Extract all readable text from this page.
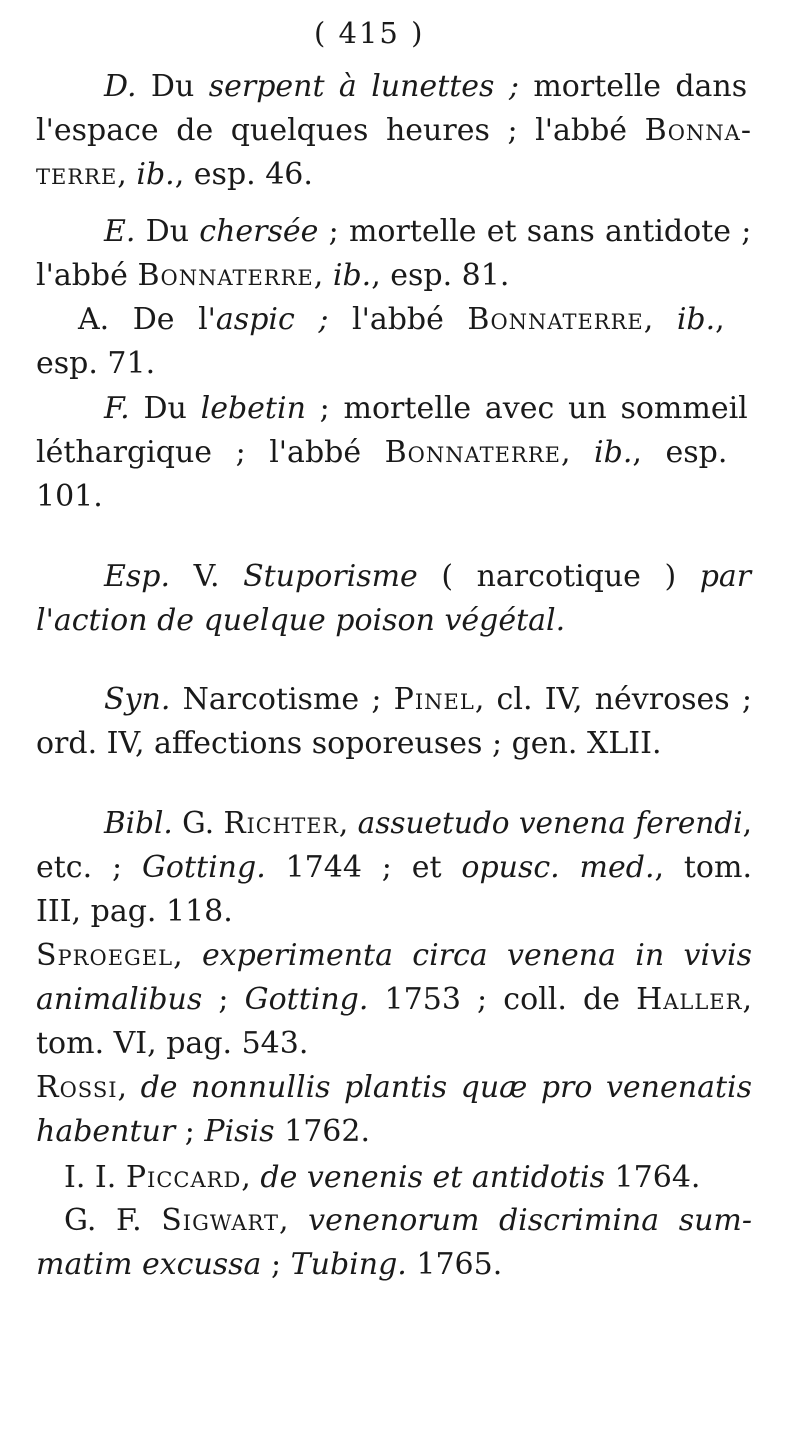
( 415 )
D. Du serpent à lunettes ; mortelle dans
l'espace de quelques heures ; l'abbé Bonna-
terre, ib., esp. 46.
E. Du chersée ; mortelle et sans antidote ;
l'abbé Bonnaterre, ib., esp. 81.
A. De l'aspic ; l'abbé Bonnaterre, ib.,
esp. 71.
F. Du lebetin ; mortelle avec un sommeil
léthargique ; l'abbé Bonnaterre, ib., esp.
101.
Esp. V. Stuporisme ( narcotique ) par
l'action de quelque poison végétal.
Syn. Narcotisme ; Pinel, cl. IV, névroses ;
ord. IV, affections soporeuses ; gen. XLII.
Bibl. G. Richter, assuetudo venena ferendi,
etc. ; Gotting. 1744 ; et opusc. med., tom.
III, pag. 118.
Sproegel, experimenta circa venena in vivis
animalibus ; Gotting. 1753 ; coll. de Haller,
tom. VI, pag. 543.
Rossi, de nonnullis plantis quæ pro venenatis
habentur ; Pisis 1762.
I. I. Piccard, de venenis et antidotis 1764.
G. F. Sigwart, venenorum discrimina sum-
matim excussa ; Tubing. 1765.
